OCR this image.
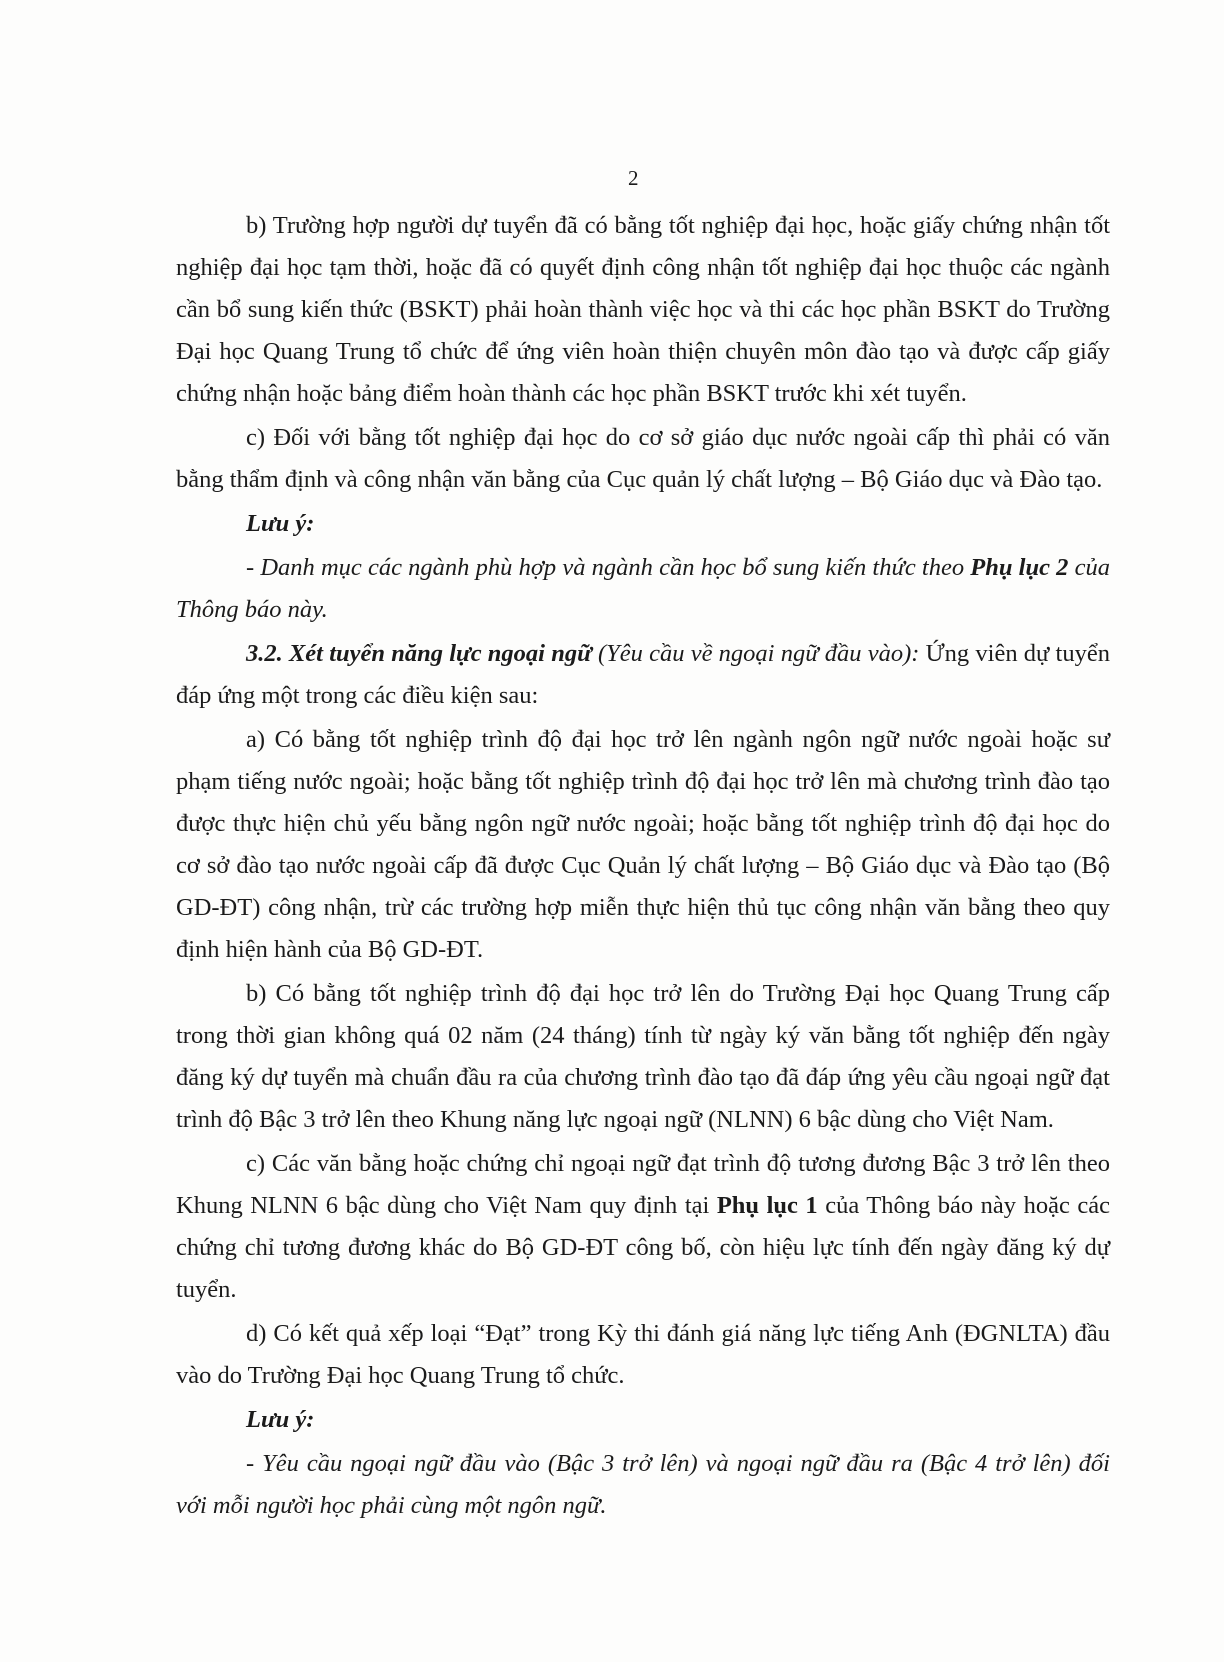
2

b) Trường hợp người dự tuyển đã có bằng tốt nghiệp đại học, hoặc giấy chứng nhận tốt nghiệp đại học tạm thời, hoặc đã có quyết định công nhận tốt nghiệp đại học thuộc các ngành cần bổ sung kiến thức (BSKT) phải hoàn thành việc học và thi các học phần BSKT do Trường Đại học Quang Trung tổ chức để ứng viên hoàn thiện chuyên môn đào tạo và được cấp giấy chứng nhận hoặc bảng điểm hoàn thành các học phần BSKT trước khi xét tuyển.

c) Đối với bằng tốt nghiệp đại học do cơ sở giáo dục nước ngoài cấp thì phải có văn bằng thẩm định và công nhận văn bằng của Cục quản lý chất lượng – Bộ Giáo dục và Đào tạo.

Lưu ý:

- Danh mục các ngành phù hợp và ngành cần học bổ sung kiến thức theo Phụ lục 2 của Thông báo này.

3.2. Xét tuyển năng lực ngoại ngữ (Yêu cầu về ngoại ngữ đầu vào): Ứng viên dự tuyển đáp ứng một trong các điều kiện sau:

a) Có bằng tốt nghiệp trình độ đại học trở lên ngành ngôn ngữ nước ngoài hoặc sư phạm tiếng nước ngoài; hoặc bằng tốt nghiệp trình độ đại học trở lên mà chương trình đào tạo được thực hiện chủ yếu bằng ngôn ngữ nước ngoài; hoặc bằng tốt nghiệp trình độ đại học do cơ sở đào tạo nước ngoài cấp đã được Cục Quản lý chất lượng – Bộ Giáo dục và Đào tạo (Bộ GD-ĐT) công nhận, trừ các trường hợp miễn thực hiện thủ tục công nhận văn bằng theo quy định hiện hành của Bộ GD-ĐT.

b) Có bằng tốt nghiệp trình độ đại học trở lên do Trường Đại học Quang Trung cấp trong thời gian không quá 02 năm (24 tháng) tính từ ngày ký văn bằng tốt nghiệp đến ngày đăng ký dự tuyển mà chuẩn đầu ra của chương trình đào tạo đã đáp ứng yêu cầu ngoại ngữ đạt trình độ Bậc 3 trở lên theo Khung năng lực ngoại ngữ (NLNN) 6 bậc dùng cho Việt Nam.

c) Các văn bằng hoặc chứng chỉ ngoại ngữ đạt trình độ tương đương Bậc 3 trở lên theo Khung NLNN 6 bậc dùng cho Việt Nam quy định tại Phụ lục 1 của Thông báo này hoặc các chứng chỉ tương đương khác do Bộ GD-ĐT công bố, còn hiệu lực tính đến ngày đăng ký dự tuyển.

d) Có kết quả xếp loại “Đạt” trong Kỳ thi đánh giá năng lực tiếng Anh (ĐGNLTA) đầu vào do Trường Đại học Quang Trung tổ chức.

Lưu ý:

- Yêu cầu ngoại ngữ đầu vào (Bậc 3 trở lên) và ngoại ngữ đầu ra (Bậc 4 trở lên) đối với mỗi người học phải cùng một ngôn ngữ.
